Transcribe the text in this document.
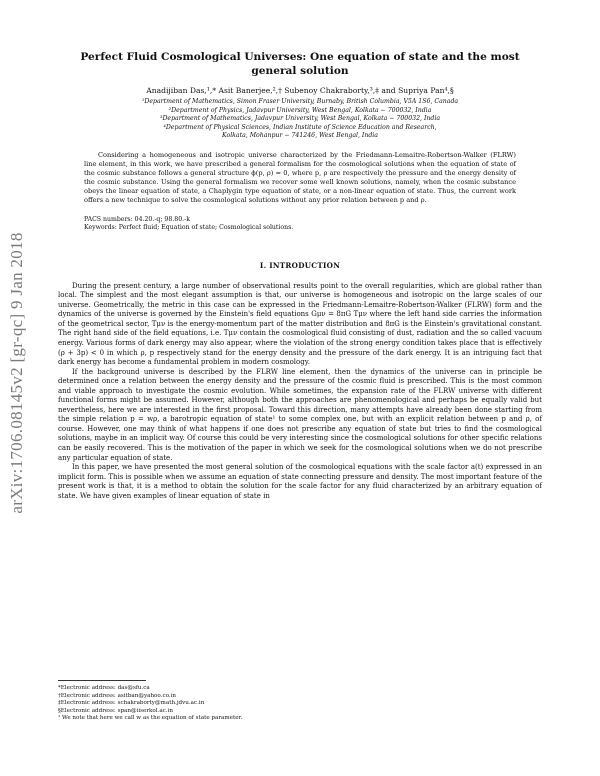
arXiv:1706.08145v2 [gr-qc] 9 Jan 2018
Perfect Fluid Cosmological Universes: One equation of state and the most general solution
Anadijiban Das,¹,* Asit Banerjee,²,† Subenoy Chakraborty,³,‡ and Supriya Pan⁴,§
¹Department of Mathematics, Simon Fraser University, Burnaby, British Columbia, V5A 1S6, Canada
²Department of Physics, Jadavpur University, West Bengal, Kolkata − 700032, India
³Department of Mathematics, Jadavpur University, West Bengal, Kolkata − 700032, India
⁴Department of Physical Sciences, Indian Institute of Science Education and Research,
Kolkata, Mohanpur − 741246, West Bengal, India
Considering a homogeneous and isotropic universe characterized by the Friedmann-Lemaitre-Robertson-Walker (FLRW) line element, in this work, we have prescribed a general formalism for the cosmological solutions when the equation of state of the cosmic substance follows a general structure ϕ(p, ρ) = 0, where p, ρ are respectively the pressure and the energy density of the cosmic substance. Using the general formalism we recover some well known solutions, namely, when the cosmic substance obeys the linear equation of state, a Chaplygin type equation of state, or a non-linear equation of state. Thus, the current work offers a new technique to solve the cosmological solutions without any prior relation between p and ρ.
PACS numbers: 04.20.-q; 98.80.-k
Keywords: Perfect fluid; Equation of state; Cosmological solutions.
I. INTRODUCTION

During the present century, a large number of observational results point to the overall regularities, which are global rather than local. The simplest and the most elegant assumption is that, our universe is homogeneous and isotropic on the large scales of our universe. Geometrically, the metric in this case can be expressed in the Friedmann-Lemaitre-Robertson-Walker (FLRW) form and the dynamics of the universe is governed by the Einstein's field equations Gμν = 8πG Tμν where the left hand side carries the information of the geometrical sector, Tμν is the energy-momentum part of the matter distribution and 8πG is the Einstein's gravitational constant. The right hand side of the field equations, i.e. Tμν contain the cosmological fluid consisting of dust, radiation and the so called vacuum energy. Various forms of dark energy may also appear, where the violation of the strong energy condition takes place that is effectively (ρ + 3p) < 0 in which ρ, p respectively stand for the energy density and the pressure of the dark energy. It is an intriguing fact that dark energy has become a fundamental problem in modern cosmology.

If the background universe is described by the FLRW line element, then the dynamics of the universe can in principle be determined once a relation between the energy density and the pressure of the cosmic fluid is prescribed. This is the most common and viable approach to investigate the cosmic evolution. While sometimes, the expansion rate of the FLRW universe with different functional forms might be assumed. However, although both the approaches are phenomenological and perhaps be equally valid but nevertheless, here we are interested in the first proposal. Toward this direction, many attempts have already been done starting from the simple relation p = wρ, a barotropic equation of state¹ to some complex one, but with an explicit relation between p and ρ, of course. However, one may think of what happens if one does not prescribe any equation of state but tries to find the cosmological solutions, maybe in an implicit way. Of course this could be very interesting since the cosmological solutions for other specific relations can be easily recovered. This is the motivation of the paper in which we seek for the cosmological solutions when we do not prescribe any particular equation of state.

In this paper, we have presented the most general solution of the cosmological equations with the scale factor a(t) expressed in an implicit form. This is possible when we assume an equation of state connecting pressure and density. The most important feature of the present work is that, it is a method to obtain the solution for the scale factor for any fluid characterized by an arbitrary equation of state. We have given examples of linear equation of state in

*Electronic address: das@sfu.ca
†Electronic address: asitban@yahoo.co.in
‡Electronic address: schakraborty@math.jdvu.ac.in
§Electronic address: span@iiserkol.ac.in
¹ We note that here we call w as the equation of state parameter.
